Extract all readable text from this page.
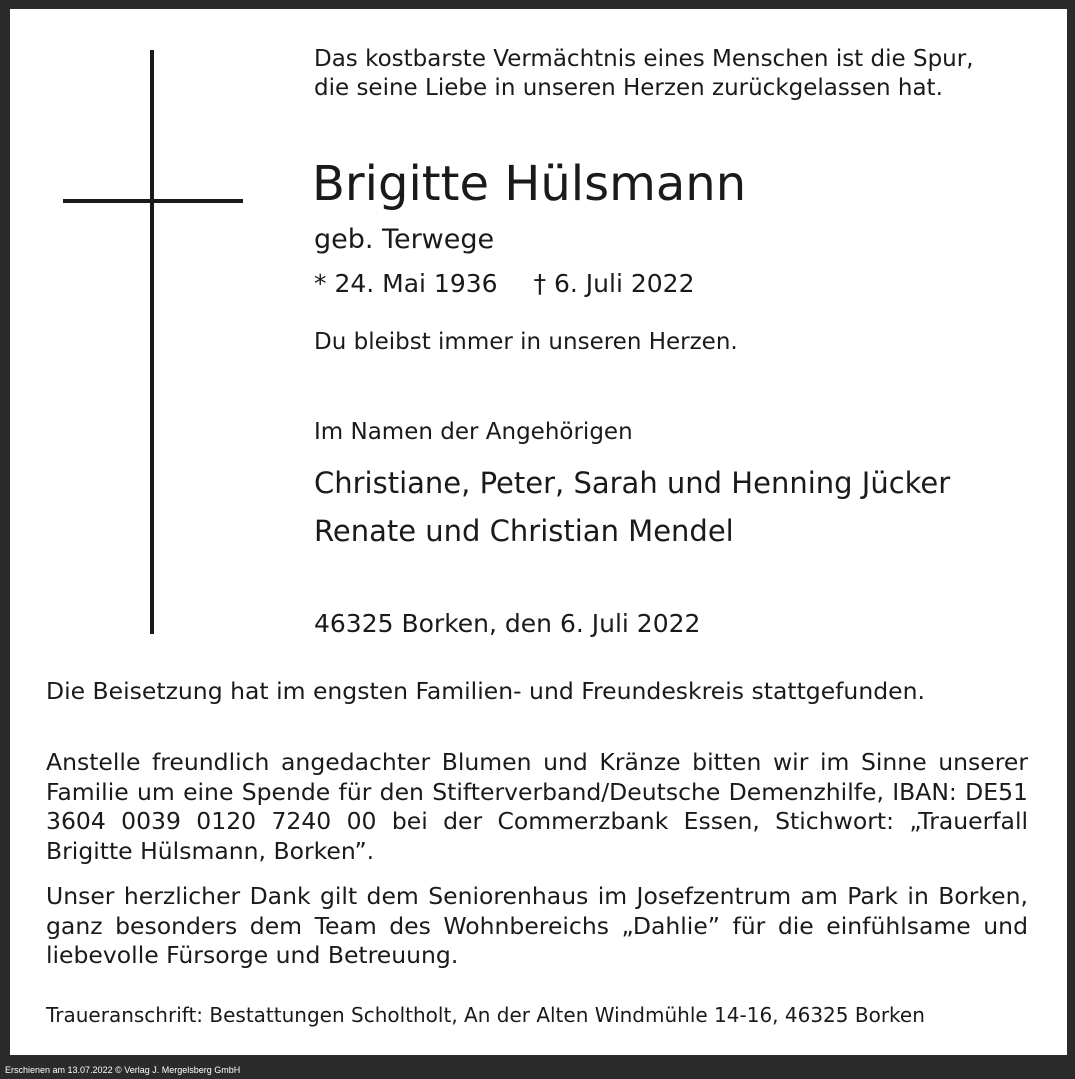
Das kostbarste Vermächtnis eines Menschen ist die Spur,
die seine Liebe in unseren Herzen zurückgelassen hat.

Brigitte Hülsmann

geb. Terwege

* 24. Mai 1936 † 6. Juli 2022

Du bleibst immer in unseren Herzen.

Im Namen der Angehörigen

Christiane, Peter, Sarah und Henning Jücker

Renate und Christian Mendel

46325 Borken, den 6. Juli 2022

Die Beisetzung hat im engsten Familien- und Freundeskreis stattgefunden.

Anstelle freundlich angedachter Blumen und Kränze bitten wir im Sinne unserer Familie um eine Spende für den Stifterverband/Deutsche Demenzhilfe, IBAN: DE51 3604 0039 0120 7240 00 bei der Commerzbank Essen, Stichwort: „Trauerfall Brigitte Hülsmann, Borken”.

Unser herzlicher Dank gilt dem Seniorenhaus im Josefzentrum am Park in Borken, ganz besonders dem Team des Wohnbereichs „Dahlie” für die einfühlsame und liebevolle Fürsorge und Betreuung.

Traueranschrift: Bestattungen Scholtholt, An der Alten Windmühle 14-16, 46325 Borken

Erschienen am 13.07.2022 © Verlag J. Mergelsberg GmbH
